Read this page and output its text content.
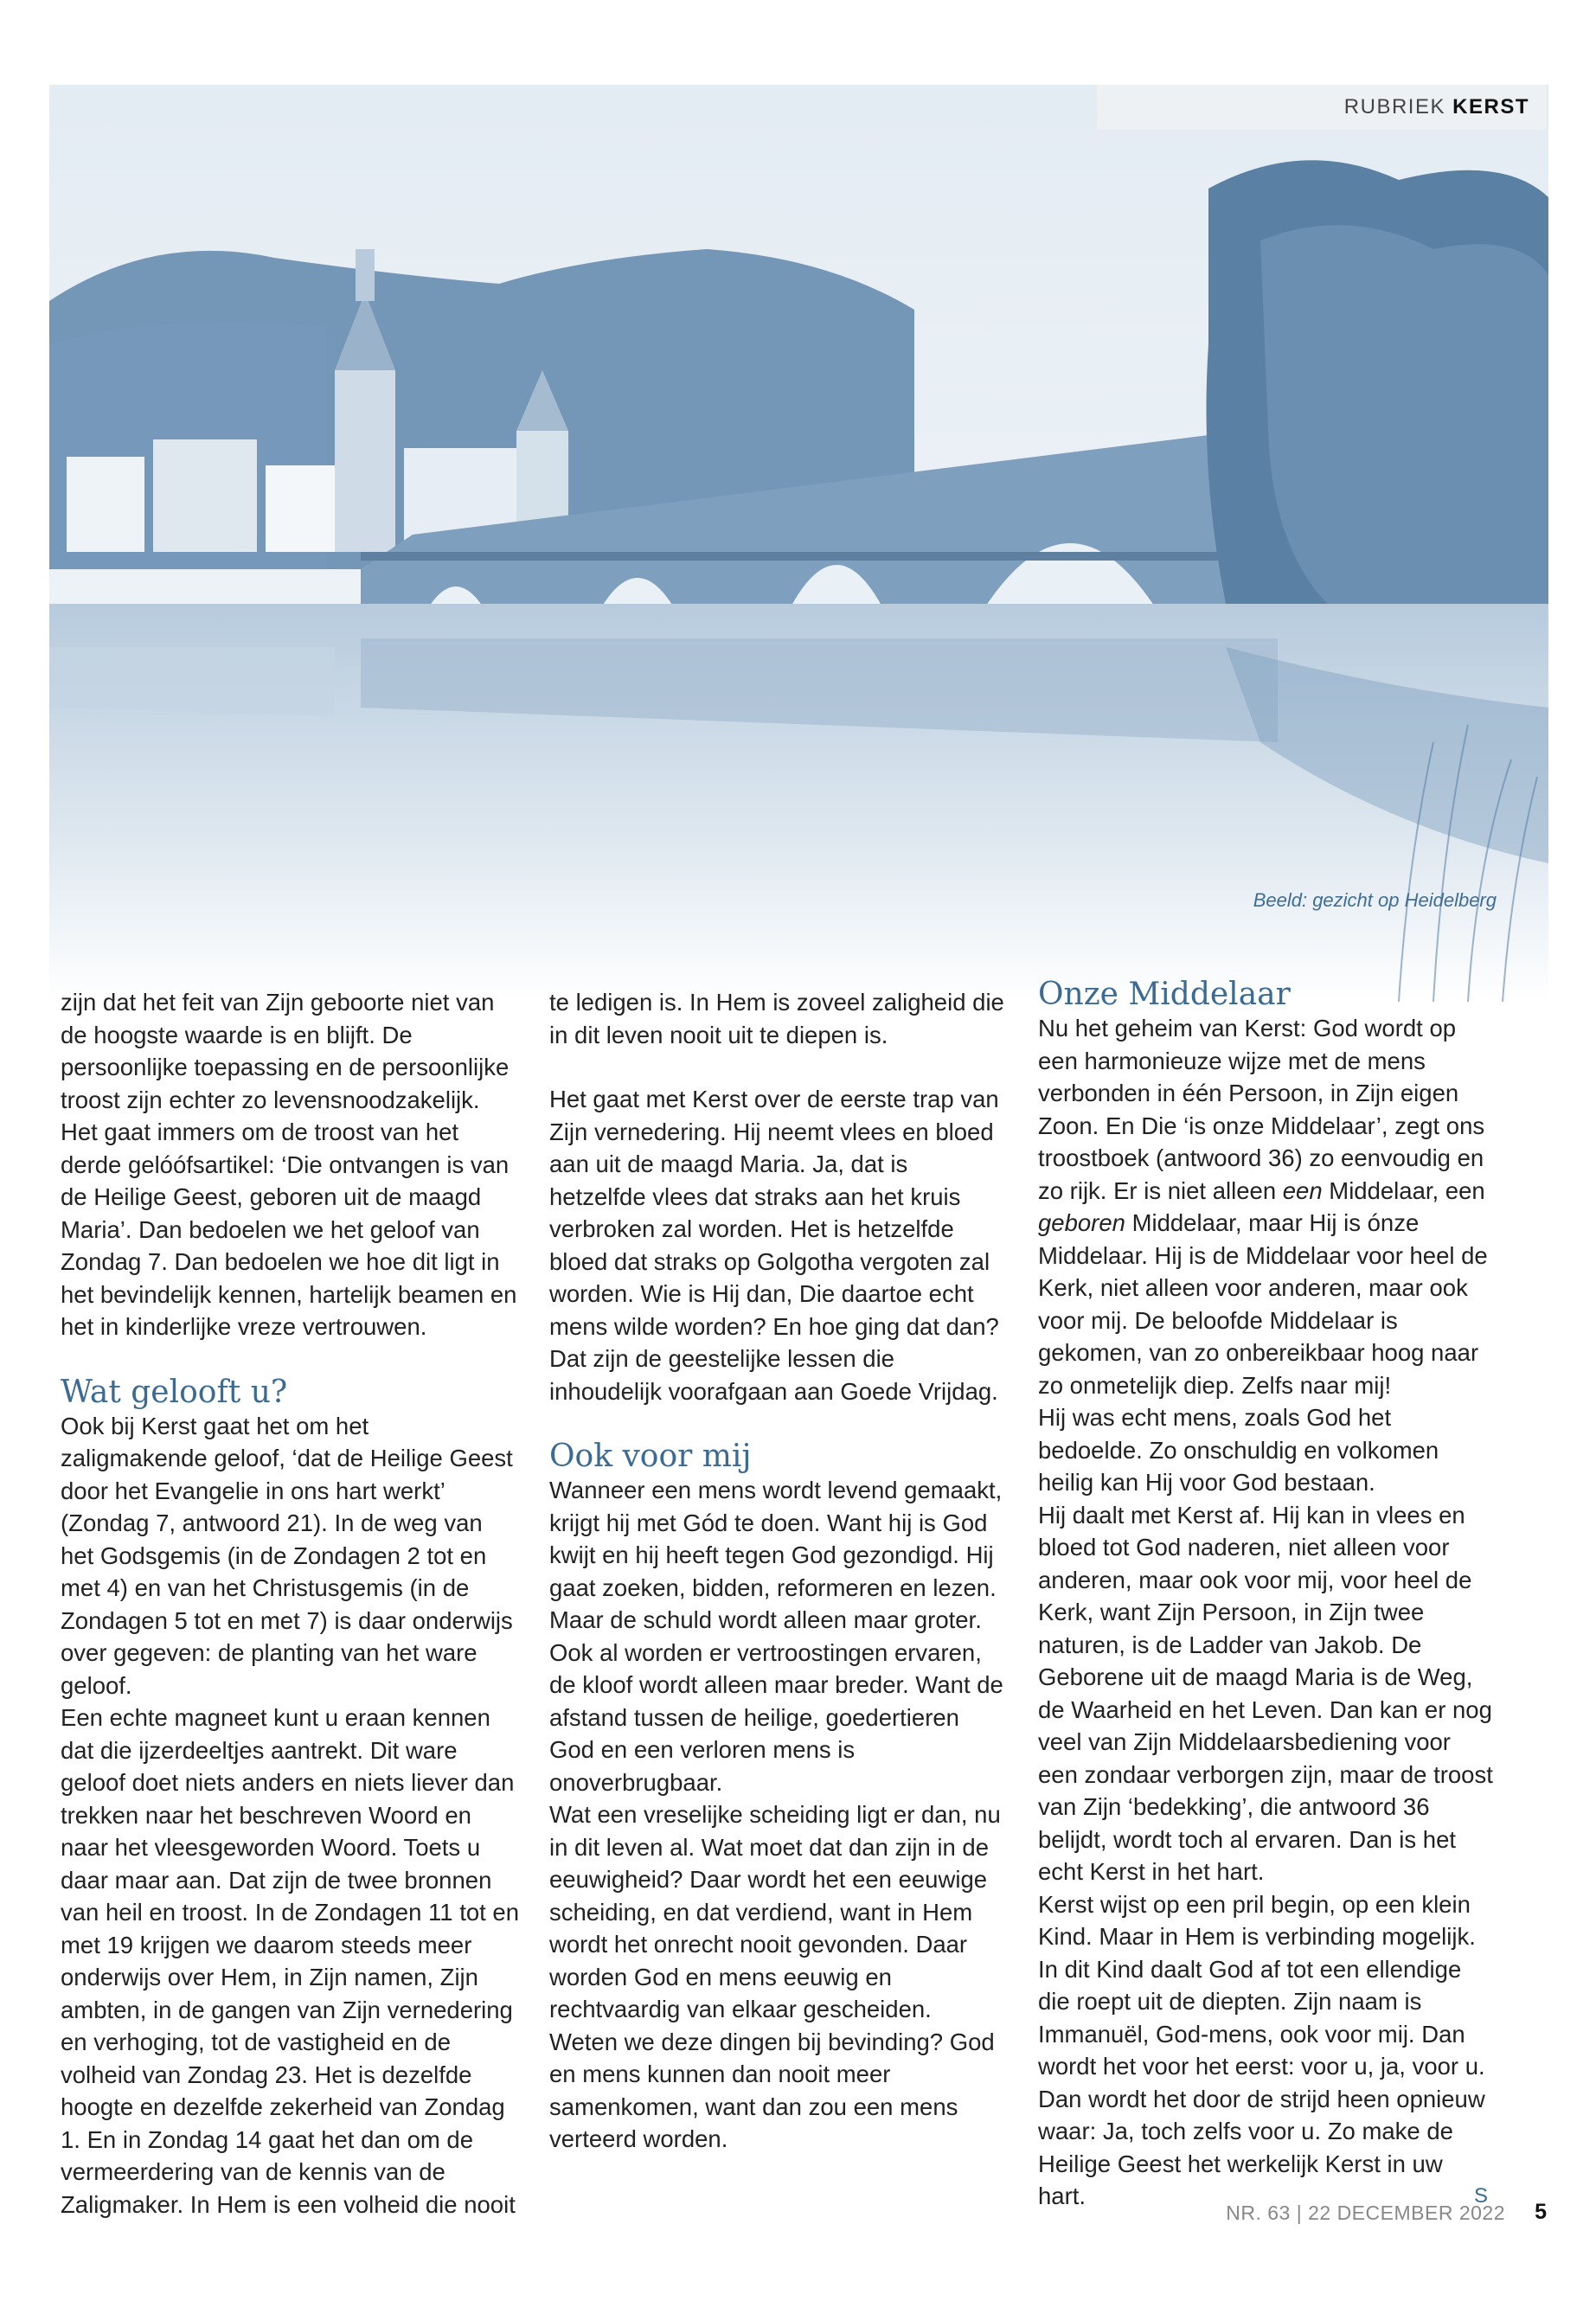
RUBRIEK KERST
Beeld: gezicht op Heidelberg

zijn dat het feit van Zijn geboorte niet van de hoogste waarde is en blijft. De persoonlijke toepassing en de persoonlijke troost zijn echter zo levensnoodzakelijk. Het gaat immers om de troost van het derde gelóófsartikel: ‘Die ontvangen is van de Heilige Geest, geboren uit de maagd Maria’. Dan bedoelen we het geloof van Zondag 7. Dan bedoelen we hoe dit ligt in het bevindelijk kennen, hartelijk beamen en het in kinderlijke vreze vertrouwen.

Wat gelooft u?

Ook bij Kerst gaat het om het zaligmakende geloof, ‘dat de Heilige Geest door het Evangelie in ons hart werkt’ (Zondag 7, antwoord 21). In de weg van het Godsgemis (in de Zondagen 2 tot en met 4) en van het Christusgemis (in de Zondagen 5 tot en met 7) is daar onderwijs over gegeven: de planting van het ware geloof.

Een echte magneet kunt u eraan kennen dat die ijzerdeeltjes aantrekt. Dit ware geloof doet niets anders en niets liever dan trekken naar het beschreven Woord en naar het vleesgeworden Woord. Toets u daar maar aan. Dat zijn de twee bronnen van heil en troost. In de Zondagen 11 tot en met 19 krijgen we daarom steeds meer onderwijs over Hem, in Zijn namen, Zijn ambten, in de gangen van Zijn vernedering en verhoging, tot de vastigheid en de volheid van Zondag 23. Het is dezelfde hoogte en dezelfde zekerheid van Zondag 1. En in Zondag 14 gaat het dan om de vermeerdering van de kennis van de Zaligmaker. In Hem is een volheid die nooit

te ledigen is. In Hem is zoveel zaligheid die in dit leven nooit uit te diepen is.

Het gaat met Kerst over de eerste trap van Zijn vernedering. Hij neemt vlees en bloed aan uit de maagd Maria. Ja, dat is hetzelfde vlees dat straks aan het kruis verbroken zal worden. Het is hetzelfde bloed dat straks op Golgotha vergoten zal worden. Wie is Hij dan, Die daartoe echt mens wilde worden? En hoe ging dat dan? Dat zijn de geestelijke lessen die inhoudelijk voorafgaan aan Goede Vrijdag.

Ook voor mij

Wanneer een mens wordt levend gemaakt, krijgt hij met Gód te doen. Want hij is God kwijt en hij heeft tegen God gezondigd. Hij gaat zoeken, bidden, reformeren en lezen. Maar de schuld wordt alleen maar groter. Ook al worden er vertroostingen ervaren, de kloof wordt alleen maar breder. Want de afstand tussen de heilige, goedertieren God en een verloren mens is onoverbrugbaar.

Wat een vreselijke scheiding ligt er dan, nu in dit leven al. Wat moet dat dan zijn in de eeuwigheid? Daar wordt het een eeuwige scheiding, en dat verdiend, want in Hem wordt het onrecht nooit gevonden. Daar worden God en mens eeuwig en rechtvaardig van elkaar gescheiden.

Weten we deze dingen bij bevinding? God en mens kunnen dan nooit meer samenkomen, want dan zou een mens verteerd worden.

Onze Middelaar

Nu het geheim van Kerst: God wordt op een harmonieuze wijze met de mens verbonden in één Persoon, in Zijn eigen Zoon. En Die ‘is onze Middelaar’, zegt ons troostboek (antwoord 36) zo eenvoudig en zo rijk. Er is niet alleen een Middelaar, een geboren Middelaar, maar Hij is ónze Middelaar. Hij is de Middelaar voor heel de Kerk, niet alleen voor anderen, maar ook voor mij. De beloofde Middelaar is gekomen, van zo onbereikbaar hoog naar zo onmetelijk diep. Zelfs naar mij!

Hij was echt mens, zoals God het bedoelde. Zo onschuldig en volkomen heilig kan Hij voor God bestaan.

Hij daalt met Kerst af. Hij kan in vlees en bloed tot God naderen, niet alleen voor anderen, maar ook voor mij, voor heel de Kerk, want Zijn Persoon, in Zijn twee naturen, is de Ladder van Jakob. De Geborene uit de maagd Maria is de Weg, de Waarheid en het Leven. Dan kan er nog veel van Zijn Middelaarsbediening voor een zondaar verborgen zijn, maar de troost van Zijn ‘bedekking’, die antwoord 36 belijdt, wordt toch al ervaren. Dan is het echt Kerst in het hart.

Kerst wijst op een pril begin, op een klein Kind. Maar in Hem is verbinding mogelijk. In dit Kind daalt God af tot een ellendige die roept uit de diepten. Zijn naam is Immanuël, God-mens, ook voor mij. Dan wordt het voor het eerst: voor u, ja, voor u. Dan wordt het door de strijd heen opnieuw waar: Ja, toch zelfs voor u. Zo make de Heilige Geest het werkelijk Kerst in uw hart.	S

NR. 63 | 22 DECEMBER 2022 5
